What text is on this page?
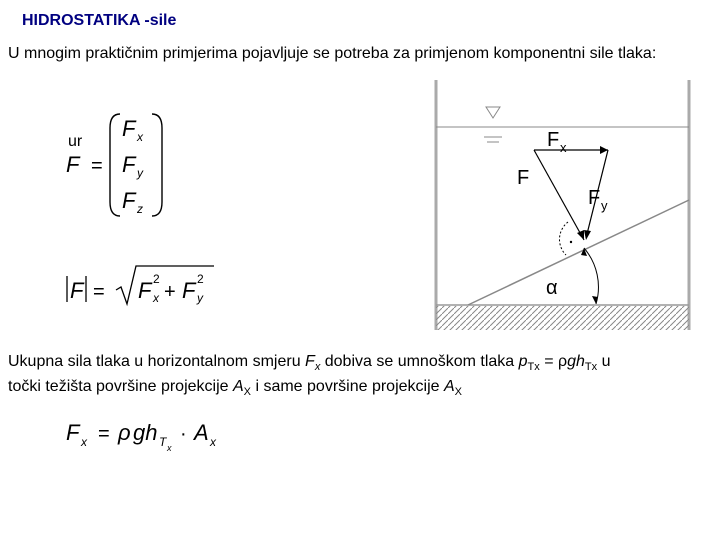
HIDROSTATIKA -sile
U mnogim praktičnim primjerima pojavljuje se potreba za primjenom komponentni sile tlaka:
ur
F =
F x
F y
F z
F = F 2
x + F 2
y
F x
F
F y
α
Ukupna sila tlaka u horizontalnom smjeru $F_x$ dobiva se umnoškom tlaka $p_{Tx} = \rho gh_{Tx}$ u
točki težišta površine projekcije $A_X$ i same površine projekcije $A_X$
F x = ρ gh T x
· A x
